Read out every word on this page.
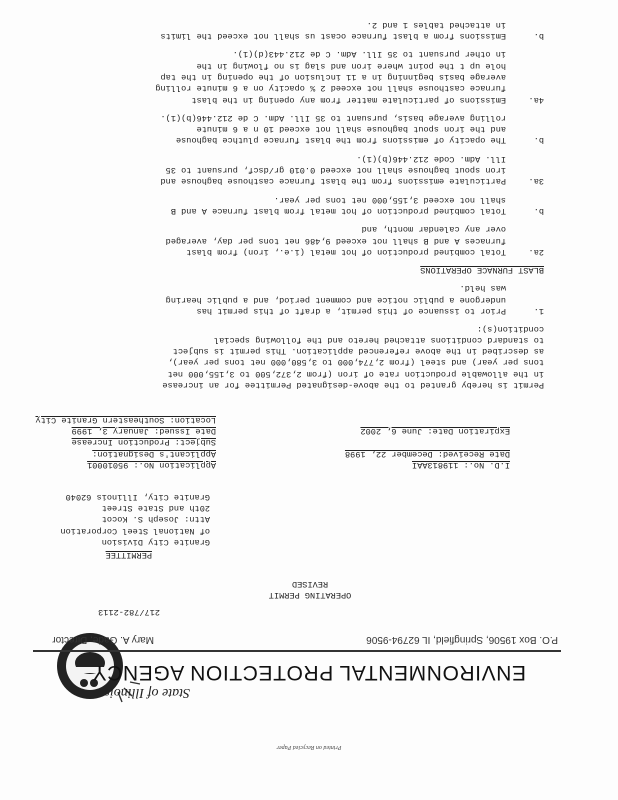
State of Illinois
ENVIRONMENTAL PROTECTION AGENCY
Mary A. Gade, Director	P.O. Box 19506, Springfield, IL 62794-9506
217/782-2113
OPERATING PERMIT
REVISED
PERMITTEE
Granite City Division
of National Steel Corporation
Attn: Joseph S. Kocot
20th and State Street
Granite City, Illinois 62040
Application No.: 95010001
Applicant's Designation:
Subject: Production Increase
Date Issued: January 3, 1999
Location: Southeastern Granite City
I.D. No.: 119813AAI
Date Received: December 22, 1998

Expiration Date: June 6, 2002

Permit is hereby granted to the above-designated Permittee for an increase
in the allowable production rate of iron (from 2,372,500 to 3,155,000 net
tons per year) and steel (from 2,774,000 to 3,580,000 net tons per year),
as described in the above referenced application. This permit is subject
to standard conditions attached hereto and the following special
condition(s):
1.
Prior to issuance of this permit, a draft of this permit has
undergone a public notice and comment period, and a public hearing
was held.
BLAST FURNACE OPERATIONS
2a.
Total combined production of hot metal (i.e., iron) from blast
furnaces A and B shall not exceed 9,486 net tons per day, averaged
over any calendar month, and
b.
Total combined production of hot metal from blast furnace A and B
shall not exceed 3,155,000 net tons per year.
3a.
Particulate emissions from the blast furnace casthouse baghouse and
iron spout baghouse shall not exceed 0.010 gr/dscf, pursuant to 35
Ill. Adm. Code 212.446(b)(1).
b.
The opacity of emissions from the blast furnace pluthce baghouse
and the iron spout baghouse shall not exceed 10 n a 6 minute
rolling average basis, pursuant to 35 Ill. Adm. C de 212.446(b)(1).
4a.
Emissions of particulate matter from any opening in the blast
furnace casthouse shall not exceed 2 % opacity on a 6 minute rolling
average basis beginning in a 11 inclusion of the opening in the tap
hole up t the point where iron and slag is no flowing in the
in other pursuant to 35 Ill. Adm. C de 212.443(d)(1).
b.
Emissions from a blast furnace ocast us shall not exceed the limits
in attached tables 1 and 2.
Printed on Recycled Paper
